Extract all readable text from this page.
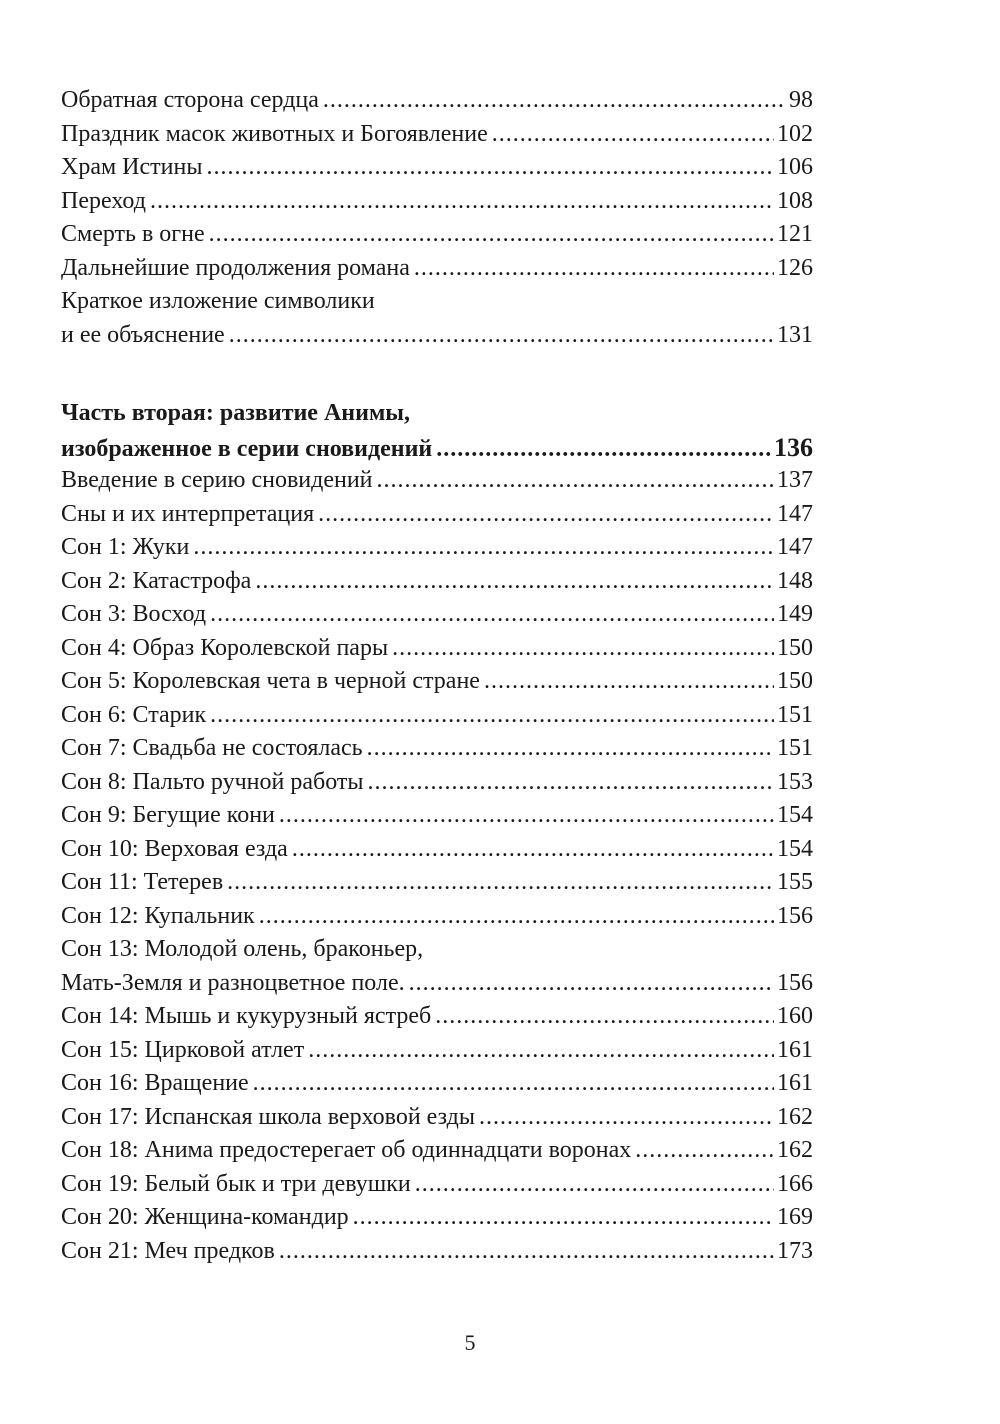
Обратная сторона сердца .....	98
Праздник масок животных и Богоявление .....	102
Храм Истины .....	106
Переход .....	108
Смерть в огне .....	121
Дальнейшие продолжения романа .....	126
Краткое изложение символики
и ее объяснение .....	131
Часть вторая: развитие Анимы,
изображенное в серии сновидений .....	136
Введение в серию сновидений .....	137
Сны и их интерпретация .....	147
Сон 1: Жуки .....	147
Сон 2: Катастрофа .....	148
Сон 3: Восход .....	149
Сон 4: Образ Королевской пары .....	150
Сон 5: Королевская чета в черной стране .....	150
Сон 6: Старик .....	151
Сон 7: Свадьба не состоялась .....	151
Сон 8: Пальто ручной работы .....	153
Сон 9: Бегущие кони .....	154
Сон 10: Верховая езда .....	154
Сон 11: Тетерев .....	155
Сон 12: Купальник .....	156
Сон 13: Молодой олень, браконьер,
Мать-Земля и разноцветное поле. .....	156
Сон 14: Мышь и кукурузный ястреб .....	160
Сон 15: Цирковой атлет .....	161
Сон 16: Вращение .....	161
Сон 17: Испанская школа верховой езды .....	162
Сон 18: Анима предостерегает об одиннадцати воронах .....	162
Сон 19: Белый бык и три девушки .....	166
Сон 20: Женщина-командир .....	169
Сон 21: Меч предков .....	173
5
